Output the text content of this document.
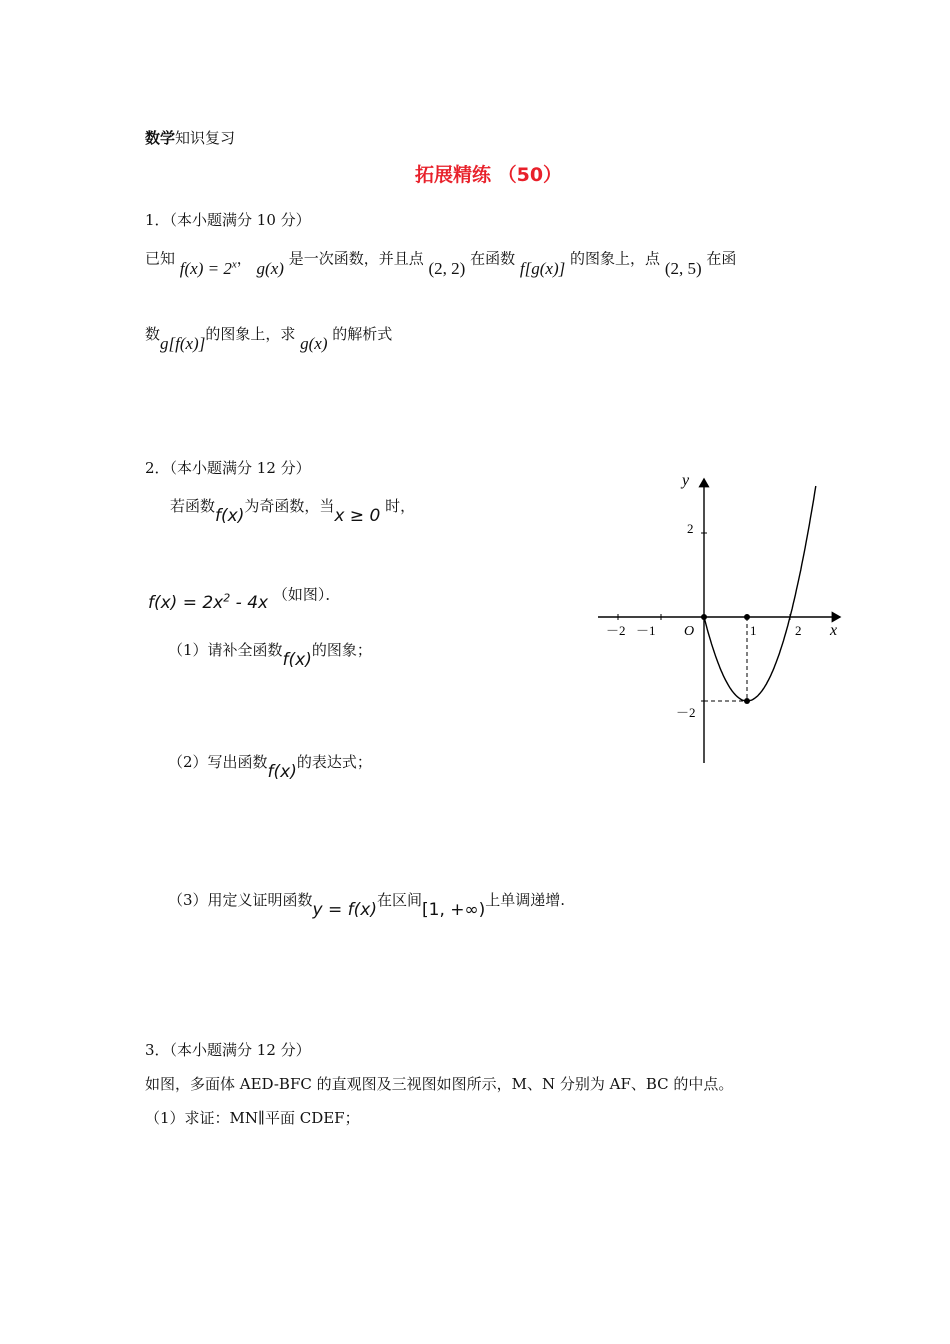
数学知识复习
拓展精练 （50）
1．（本小题满分 10 分）
已知 $f(x) = 2^x$， g(x) 是一次函数，并且点 (2, 2) 在函数 f[g(x)] 的图象上，点 (2, 5) 在函
数g[f(x)]的图象上，求 g(x) 的解析式
2．（本小题满分 12 分）
若函数f(x)为奇函数，当x ≥ 0 时，
$f(x) = 2x^2 - 4x$ （如图）．
（1）请补全函数f(x)的图象；
（2）写出函数f(x)的表达式；
（3）用定义证明函数y = f(x)在区间[1, +∞)上单调递增.
y
x
O
－2 －1	1	2
2
－2
3．（本小题满分 12 分）
如图，多面体 AED-BFC 的直观图及三视图如图所示，M、N 分别为 AF、BC 的中点。
（1）求证：MN∥平面 CDEF；
